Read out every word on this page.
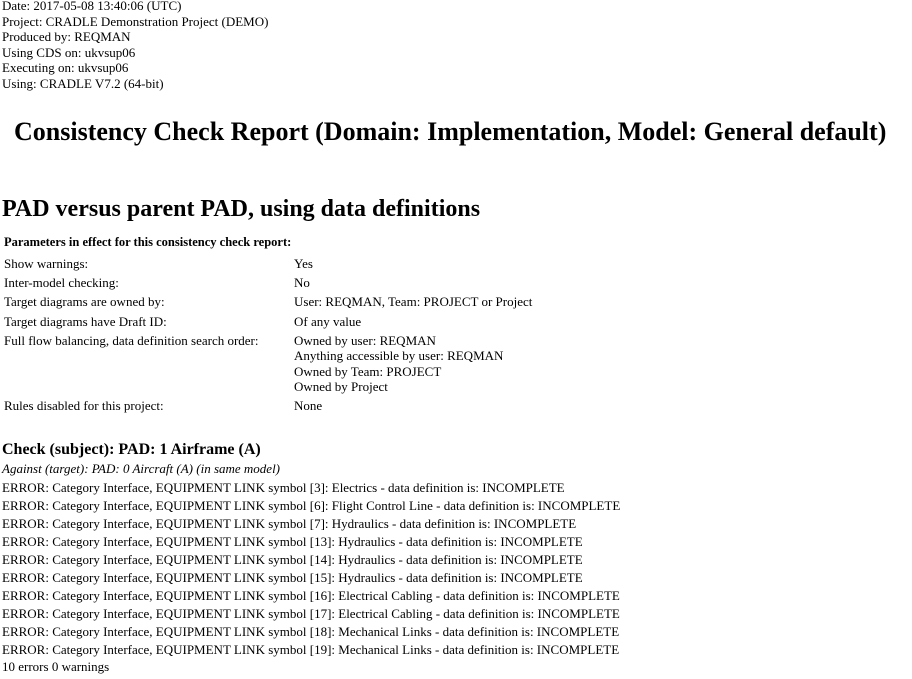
Date: 2017-05-08 13:40:06 (UTC)
Project: CRADLE Demonstration Project (DEMO)
Produced by: REQMAN
Using CDS on: ukvsup06
Executing on: ukvsup06
Using: CRADLE V7.2 (64-bit)
Consistency Check Report (Domain: Implementation, Model: General default)
PAD versus parent PAD, using data definitions
Parameters in effect for this consistency check report:
Show warnings:	Yes
Inter-model checking:	No
Target diagrams are owned by:	User: REQMAN, Team: PROJECT or Project
Target diagrams have Draft ID:	Of any value
Full flow balancing, data definition search order:	Owned by user: REQMAN
Anything accessible by user: REQMAN
Owned by Team: PROJECT
Owned by Project
Rules disabled for this project:	None
Check (subject): PAD: 1 Airframe (A)
Against (target): PAD: 0 Aircraft (A) (in same model)
ERROR: Category Interface, EQUIPMENT LINK symbol [3]: Electrics - data definition is: INCOMPLETE
ERROR: Category Interface, EQUIPMENT LINK symbol [6]: Flight Control Line - data definition is: INCOMPLETE
ERROR: Category Interface, EQUIPMENT LINK symbol [7]: Hydraulics - data definition is: INCOMPLETE
ERROR: Category Interface, EQUIPMENT LINK symbol [13]: Hydraulics - data definition is: INCOMPLETE
ERROR: Category Interface, EQUIPMENT LINK symbol [14]: Hydraulics - data definition is: INCOMPLETE
ERROR: Category Interface, EQUIPMENT LINK symbol [15]: Hydraulics - data definition is: INCOMPLETE
ERROR: Category Interface, EQUIPMENT LINK symbol [16]: Electrical Cabling - data definition is: INCOMPLETE
ERROR: Category Interface, EQUIPMENT LINK symbol [17]: Electrical Cabling - data definition is: INCOMPLETE
ERROR: Category Interface, EQUIPMENT LINK symbol [18]: Mechanical Links - data definition is: INCOMPLETE
ERROR: Category Interface, EQUIPMENT LINK symbol [19]: Mechanical Links - data definition is: INCOMPLETE
10 errors 0 warnings
